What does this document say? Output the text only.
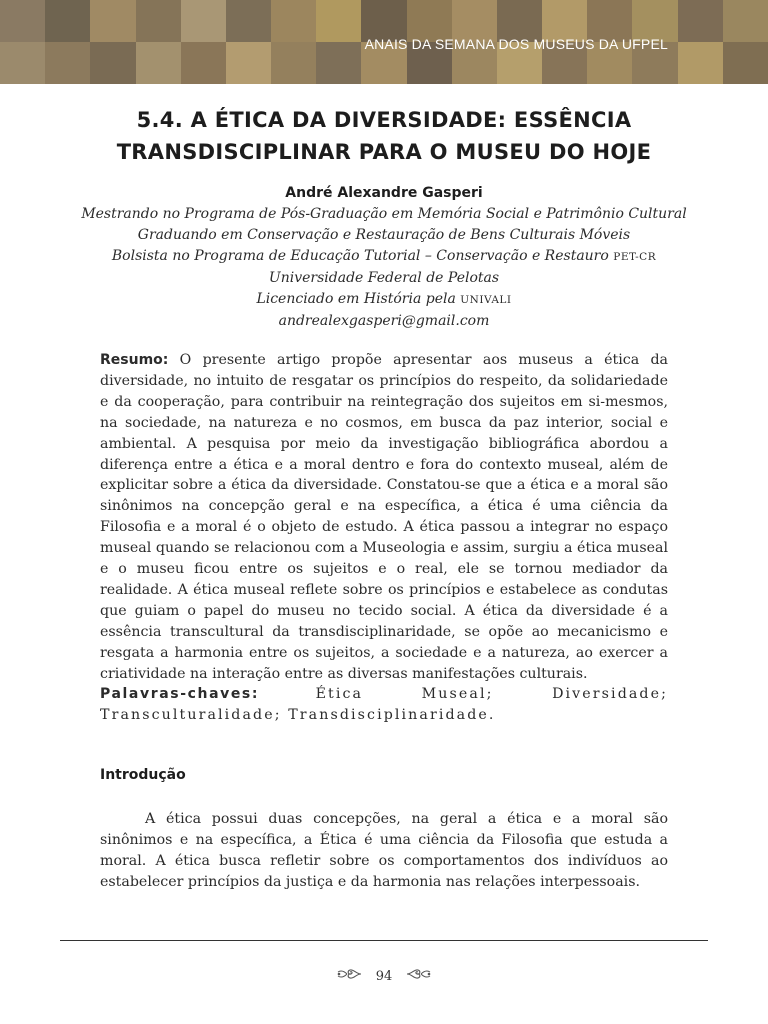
ANAIS DA SEMANA DOS MUSEUS DA UFPEL
5.4. A ÉTICA DA DIVERSIDADE: ESSÊNCIA
TRANSDISCIPLINAR PARA O MUSEU DO HOJE
André Alexandre Gasperi
Mestrando no Programa de Pós-Graduação em Memória Social e Patrimônio Cultural
Graduando em Conservação e Restauração de Bens Culturais Móveis
Bolsista no Programa de Educação Tutorial – Conservação e Restauro PET-CR
Universidade Federal de Pelotas
Licenciado em História pela UNIVALI
andrealexgasperi@gmail.com
Resumo: O presente artigo propõe apresentar aos museus a ética da diversidade, no intuito de resgatar os princípios do respeito, da solidariedade e da cooperação, para contribuir na reintegração dos sujeitos em si-mesmos, na sociedade, na natureza e no cosmos, em busca da paz interior, social e ambiental. A pesquisa por meio da investigação bibliográfica abordou a diferença entre a ética e a moral dentro e fora do contexto museal, além de explicitar sobre a ética da diversidade. Constatou-se que a ética e a moral são sinônimos na concepção geral e na específica, a ética é uma ciência da Filosofia e a moral é o objeto de estudo. A ética passou a integrar no espaço museal quando se relacionou com a Museologia e assim, surgiu a ética museal e o museu ficou entre os sujeitos e o real, ele se tornou mediador da realidade. A ética museal reflete sobre os princípios e estabelece as condutas que guiam o papel do museu no tecido social. A ética da diversidade é a essência transcultural da transdisciplinaridade, se opõe ao mecanicismo e resgata a harmonia entre os sujeitos, a sociedade e a natureza, ao exercer a criatividade na interação entre as diversas manifestações culturais.
Palavras-chaves:	Ética Museal; Diversidade; Transculturalidade; Transdisciplinaridade.
Introdução
A ética possui duas concepções, na geral a ética e a moral são sinônimos e na específica, a Ética é uma ciência da Filosofia que estuda a moral. A ética busca refletir sobre os comportamentos dos indivíduos ao estabelecer princípios da justiça e da harmonia nas relações interpessoais.
94
